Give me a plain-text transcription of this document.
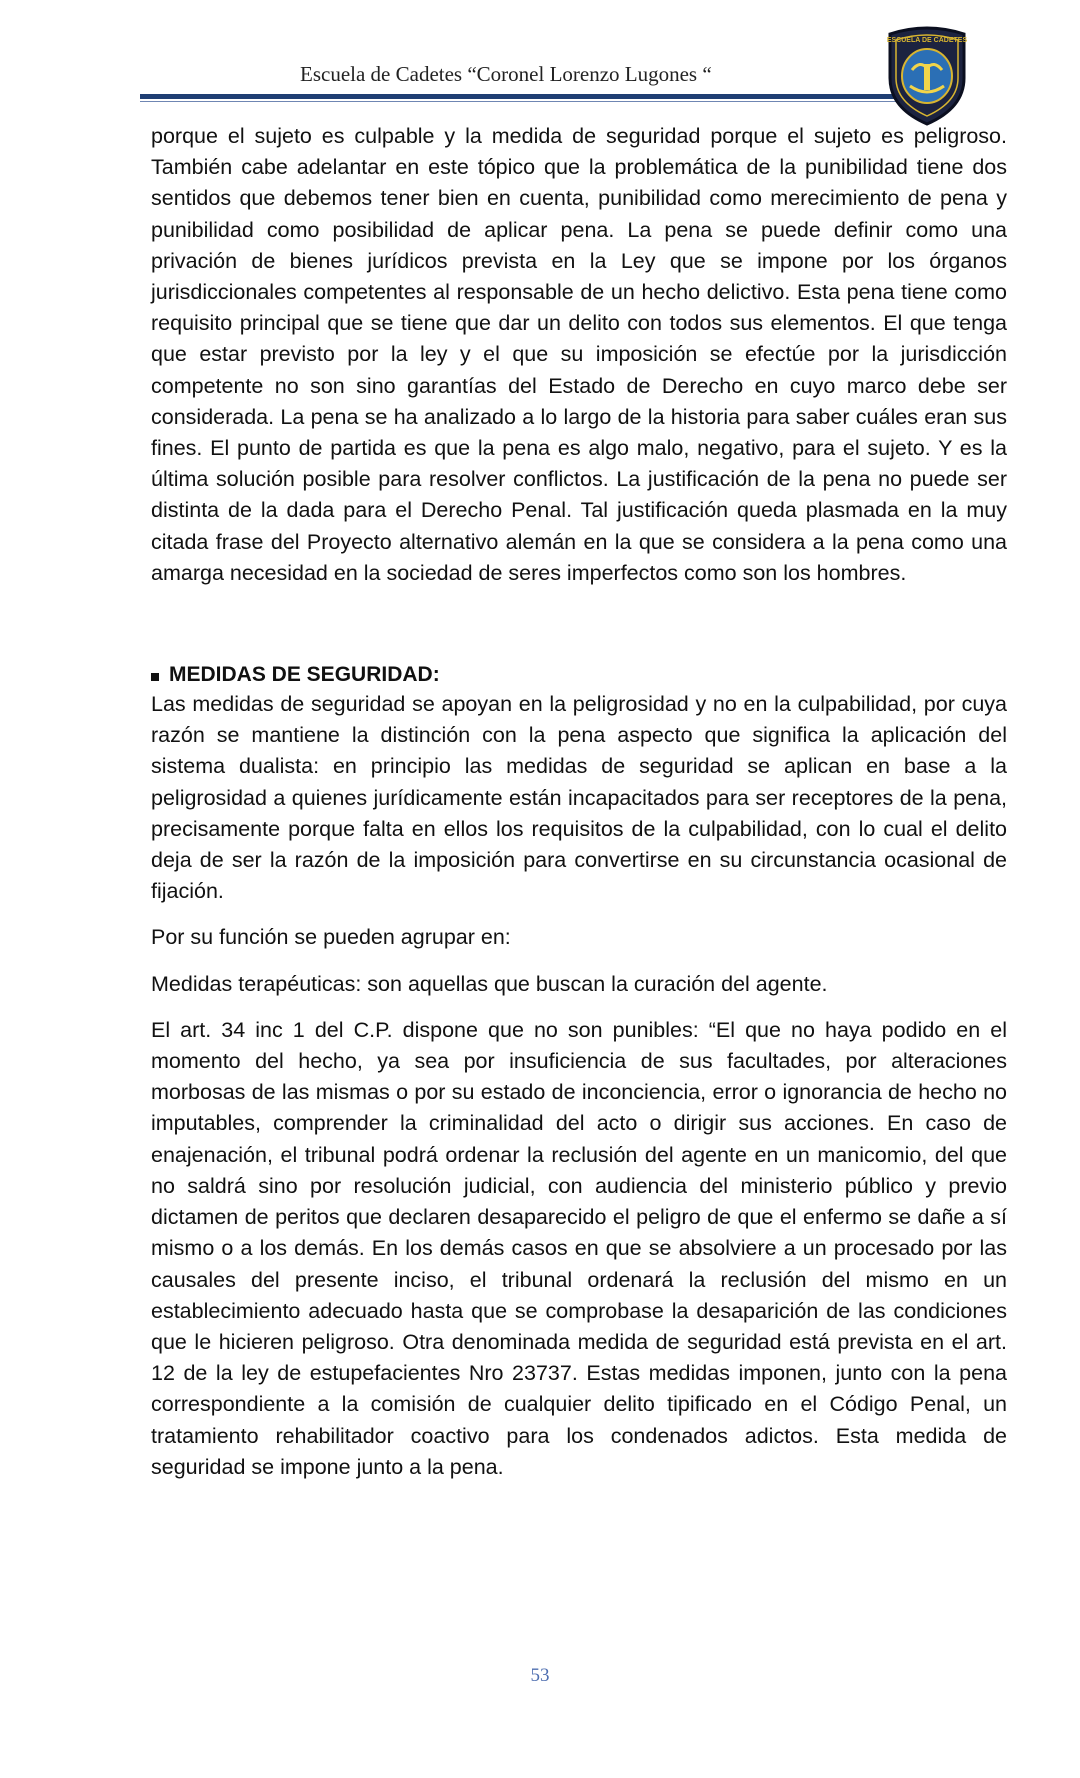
Escuela de Cadetes “Coronel Lorenzo Lugones “
ESCUELA DE CADETES

porque el sujeto es culpable y la medida de seguridad porque el sujeto es peligroso. También cabe adelantar en este tópico que la problemática de la punibilidad tiene dos sentidos que debemos tener bien en cuenta, punibilidad como merecimiento de pena y punibilidad como posibilidad de aplicar pena. La pena se puede definir como una privación de bienes jurídicos prevista en la Ley que se impone por los órganos jurisdiccionales competentes al responsable de un hecho delictivo. Esta pena tiene como requisito principal que se tiene que dar un delito con todos sus elementos. El que tenga que estar previsto por la ley y el que su imposición se efectúe por la jurisdicción competente no son sino garantías del Estado de Derecho en cuyo marco debe ser considerada. La pena se ha analizado a lo largo de la historia para saber cuáles eran sus fines. El punto de partida es que la pena es algo malo, negativo, para el sujeto. Y es la última solución posible para resolver conflictos. La justificación de la pena no puede ser distinta de la dada para el Derecho Penal. Tal justificación queda plasmada en la muy citada frase del Proyecto alternativo alemán en la que se considera a la pena como una amarga necesidad en la sociedad de seres imperfectos como son los hombres.

MEDIDAS DE SEGURIDAD:

Las medidas de seguridad se apoyan en la peligrosidad y no en la culpabilidad, por cuya razón se mantiene la distinción con la pena aspecto que significa la aplicación del sistema dualista: en principio las medidas de seguridad se aplican en base a la peligrosidad a quienes jurídicamente están incapacitados para ser receptores de la pena, precisamente porque falta en ellos los requisitos de la culpabilidad, con lo cual el delito deja de ser la razón de la imposición para convertirse en su circunstancia ocasional de fijación.

Por su función se pueden agrupar en:

Medidas terapéuticas: son aquellas que buscan la curación del agente.

El art. 34 inc 1 del C.P. dispone que no son punibles: “El que no haya podido en el momento del hecho, ya sea por insuficiencia de sus facultades, por alteraciones morbosas de las mismas o por su estado de inconciencia, error o ignorancia de hecho no imputables, comprender la criminalidad del acto o dirigir sus acciones. En caso de enajenación, el tribunal podrá ordenar la reclusión del agente en un manicomio, del que no saldrá sino por resolución judicial, con audiencia del ministerio público y previo dictamen de peritos que declaren desaparecido el peligro de que el enfermo se dañe a sí mismo o a los demás. En los demás casos en que se absolviere a un procesado por las causales del presente inciso, el tribunal ordenará la reclusión del mismo en un establecimiento adecuado hasta que se comprobase la desaparición de las condiciones que le hicieren peligroso. Otra denominada medida de seguridad está prevista en el art. 12 de la ley de estupefacientes Nro 23737. Estas medidas imponen, junto con la pena correspondiente a la comisión de cualquier delito tipificado en el Código Penal, un tratamiento rehabilitador coactivo para los condenados adictos. Esta medida de seguridad se impone junto a la pena.

53
